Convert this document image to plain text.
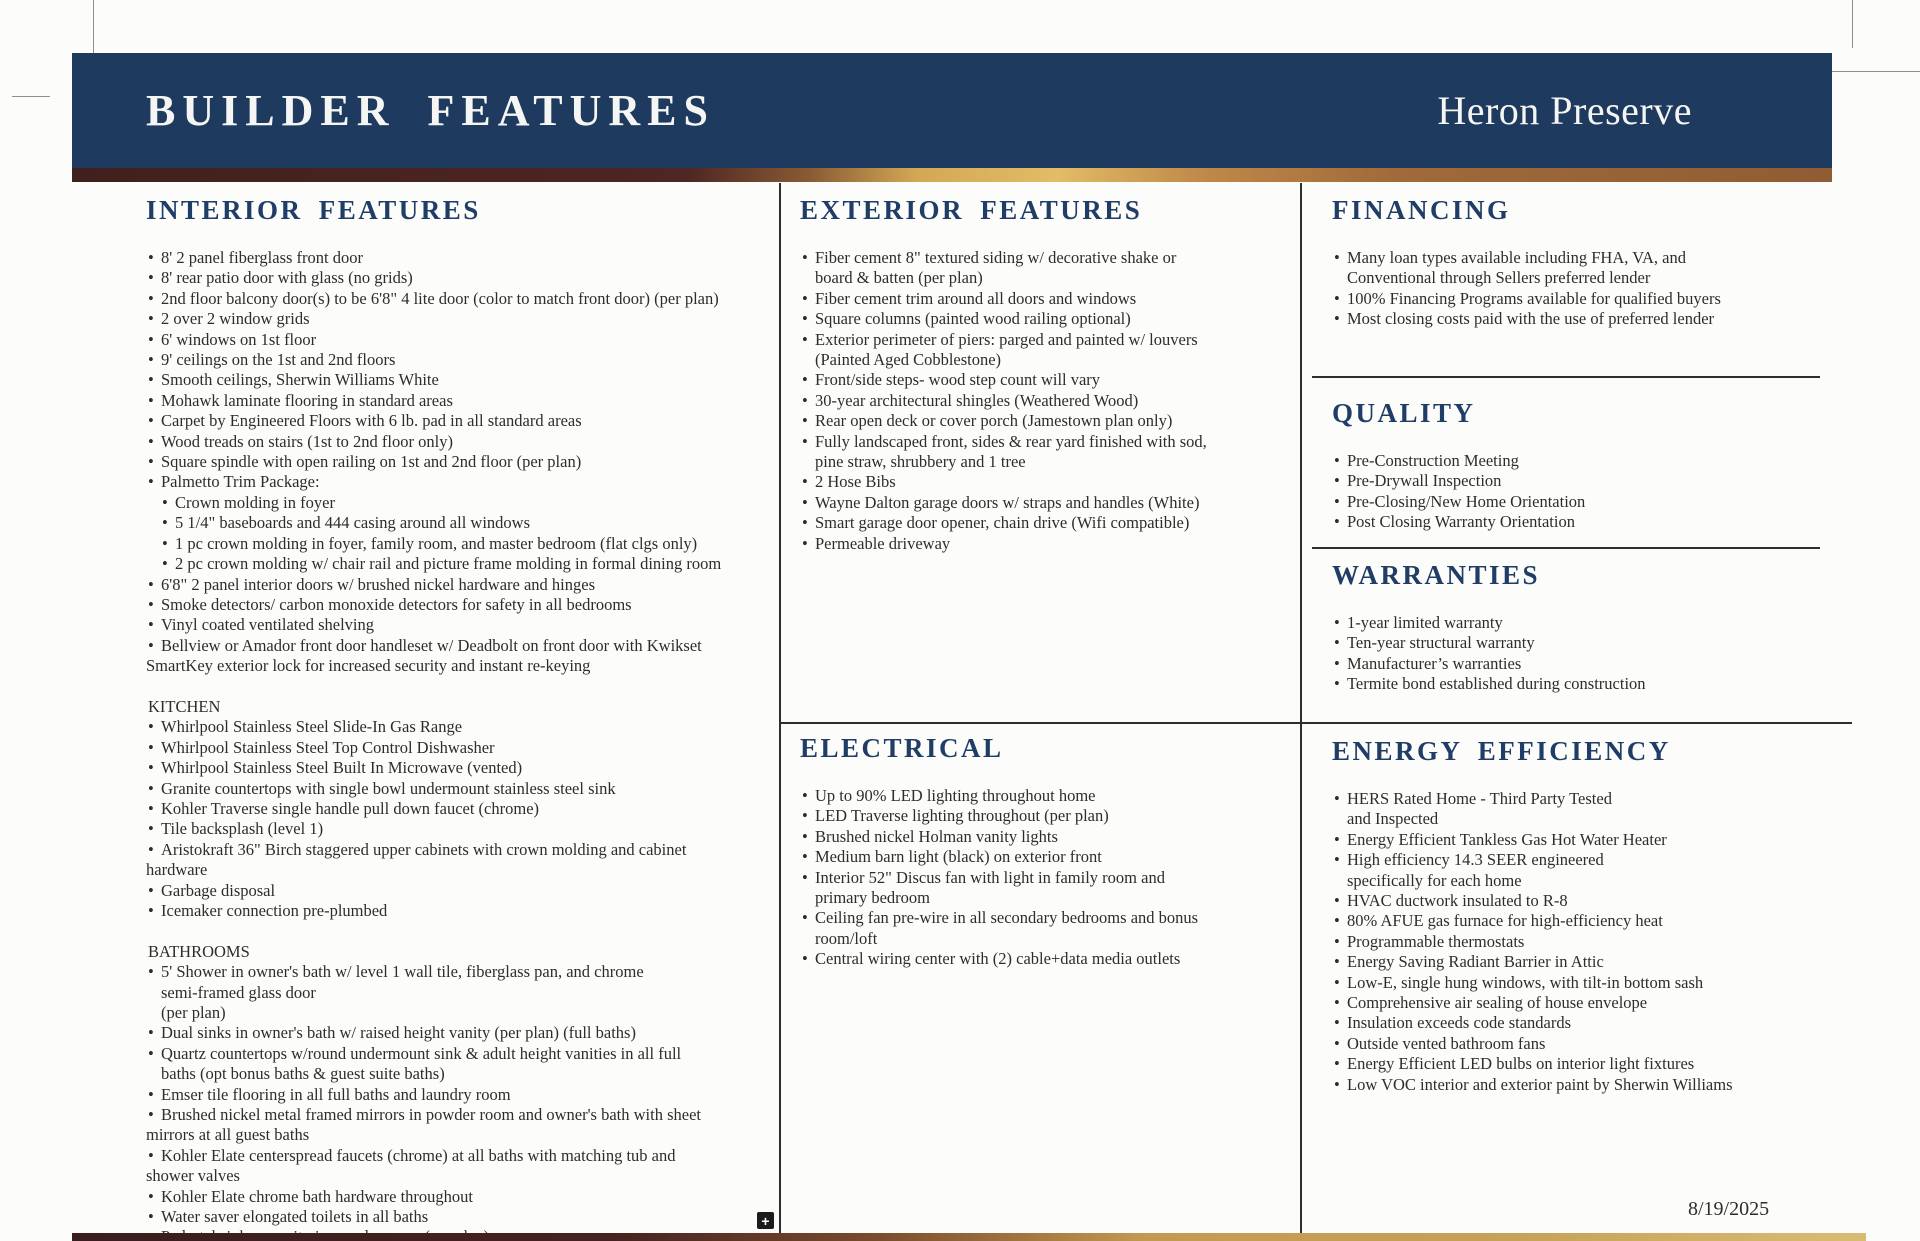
BUILDER FEATURES	Heron Preserve
INTERIOR FEATURES
• 8' 2 panel fiberglass front door
• 8' rear patio door with glass (no grids)
• 2nd floor balcony door(s) to be 6'8" 4 lite door (color to match front door) (per plan)
• 2 over 2 window grids
• 6' windows on 1st floor
• 9' ceilings on the 1st and 2nd floors
• Smooth ceilings, Sherwin Williams White
• Mohawk laminate flooring in standard areas
• Carpet by Engineered Floors with 6 lb. pad in all standard areas
• Wood treads on stairs (1st to 2nd floor only)
• Square spindle with open railing on 1st and 2nd floor (per plan)
• Palmetto Trim Package:
• Crown molding in foyer
• 5 1/4" baseboards and 444 casing around all windows
• 1 pc crown molding in foyer, family room, and master bedroom (flat clgs only)
• 2 pc crown molding w/ chair rail and picture frame molding in formal dining room
• 6'8" 2 panel interior doors w/ brushed nickel hardware and hinges
• Smoke detectors/ carbon monoxide detectors for safety in all bedrooms
• Vinyl coated ventilated shelving
• Bellview or Amador front door handleset w/ Deadbolt on front door with Kwikset
SmartKey exterior lock for increased security and instant re-keying
KITCHEN
• Whirlpool Stainless Steel Slide-In Gas Range
• Whirlpool Stainless Steel Top Control Dishwasher
• Whirlpool Stainless Steel Built In Microwave (vented)
• Granite countertops with single bowl undermount stainless steel sink
• Kohler Traverse single handle pull down faucet (chrome)
• Tile backsplash (level 1)
• Aristokraft 36" Birch staggered upper cabinets with crown molding and cabinet
hardware
• Garbage disposal
• Icemaker connection pre-plumbed
BATHROOMS
• 5' Shower in owner's bath w/ level 1 wall tile, fiberglass pan, and chrome
semi-framed glass door
(per plan)
• Dual sinks in owner's bath w/ raised height vanity (per plan) (full baths)
• Quartz countertops w/round undermount sink & adult height vanities in all full
baths (opt bonus baths & guest suite baths)
• Emser tile flooring in all full baths and laundry room
• Brushed nickel metal framed mirrors in powder room and owner's bath with sheet
mirrors at all guest baths
• Kohler Elate centerspread faucets (chrome) at all baths with matching tub and
shower valves
• Kohler Elate chrome bath hardware throughout
• Water saver elongated toilets in all baths
EXTERIOR FEATURES
• Fiber cement 8" textured siding w/ decorative shake or
board & batten (per plan)
• Fiber cement trim around all doors and windows
• Square columns (painted wood railing optional)
• Exterior perimeter of piers: parged and painted w/ louvers
(Painted Aged Cobblestone)
• Front/side steps- wood step count will vary
• 30-year architectural shingles (Weathered Wood)
• Rear open deck or cover porch (Jamestown plan only)
• Fully landscaped front, sides & rear yard finished with sod,
pine straw, shrubbery and 1 tree
• 2 Hose Bibs
• Wayne Dalton garage doors w/ straps and handles (White)
• Smart garage door opener, chain drive (Wifi compatible)
• Permeable driveway
ELECTRICAL
• Up to 90% LED lighting throughout home
• LED Traverse lighting throughout (per plan)
• Brushed nickel Holman vanity lights
• Medium barn light (black) on exterior front
• Interior 52" Discus fan with light in family room and
primary bedroom
• Ceiling fan pre-wire in all secondary bedrooms and bonus
room/loft
• Central wiring center with (2) cable+data media outlets
FINANCING
• Many loan types available including FHA, VA, and
Conventional through Sellers preferred lender
• 100% Financing Programs available for qualified buyers
• Most closing costs paid with the use of preferred lender
QUALITY
• Pre-Construction Meeting
• Pre-Drywall Inspection
• Pre-Closing/New Home Orientation
• Post Closing Warranty Orientation
WARRANTIES
• 1-year limited warranty
• Ten-year structural warranty
• Manufacturer’s warranties
• Termite bond established during construction
ENERGY EFFICIENCY
• HERS Rated Home - Third Party Tested
and Inspected
• Energy Efficient Tankless Gas Hot Water Heater
• High efficiency 14.3 SEER engineered
specifically for each home
• HVAC ductwork insulated to R-8
• 80% AFUE gas furnace for high-efficiency heat
• Programmable thermostats
• Energy Saving Radiant Barrier in Attic
• Low-E, single hung windows, with tilt-in bottom sash
• Comprehensive air sealing of house envelope
• Insulation exceeds code standards
• Outside vented bathroom fans
• Energy Efficient LED bulbs on interior light fixtures
• Low VOC interior and exterior paint by Sherwin Williams
8/19/2025
+
